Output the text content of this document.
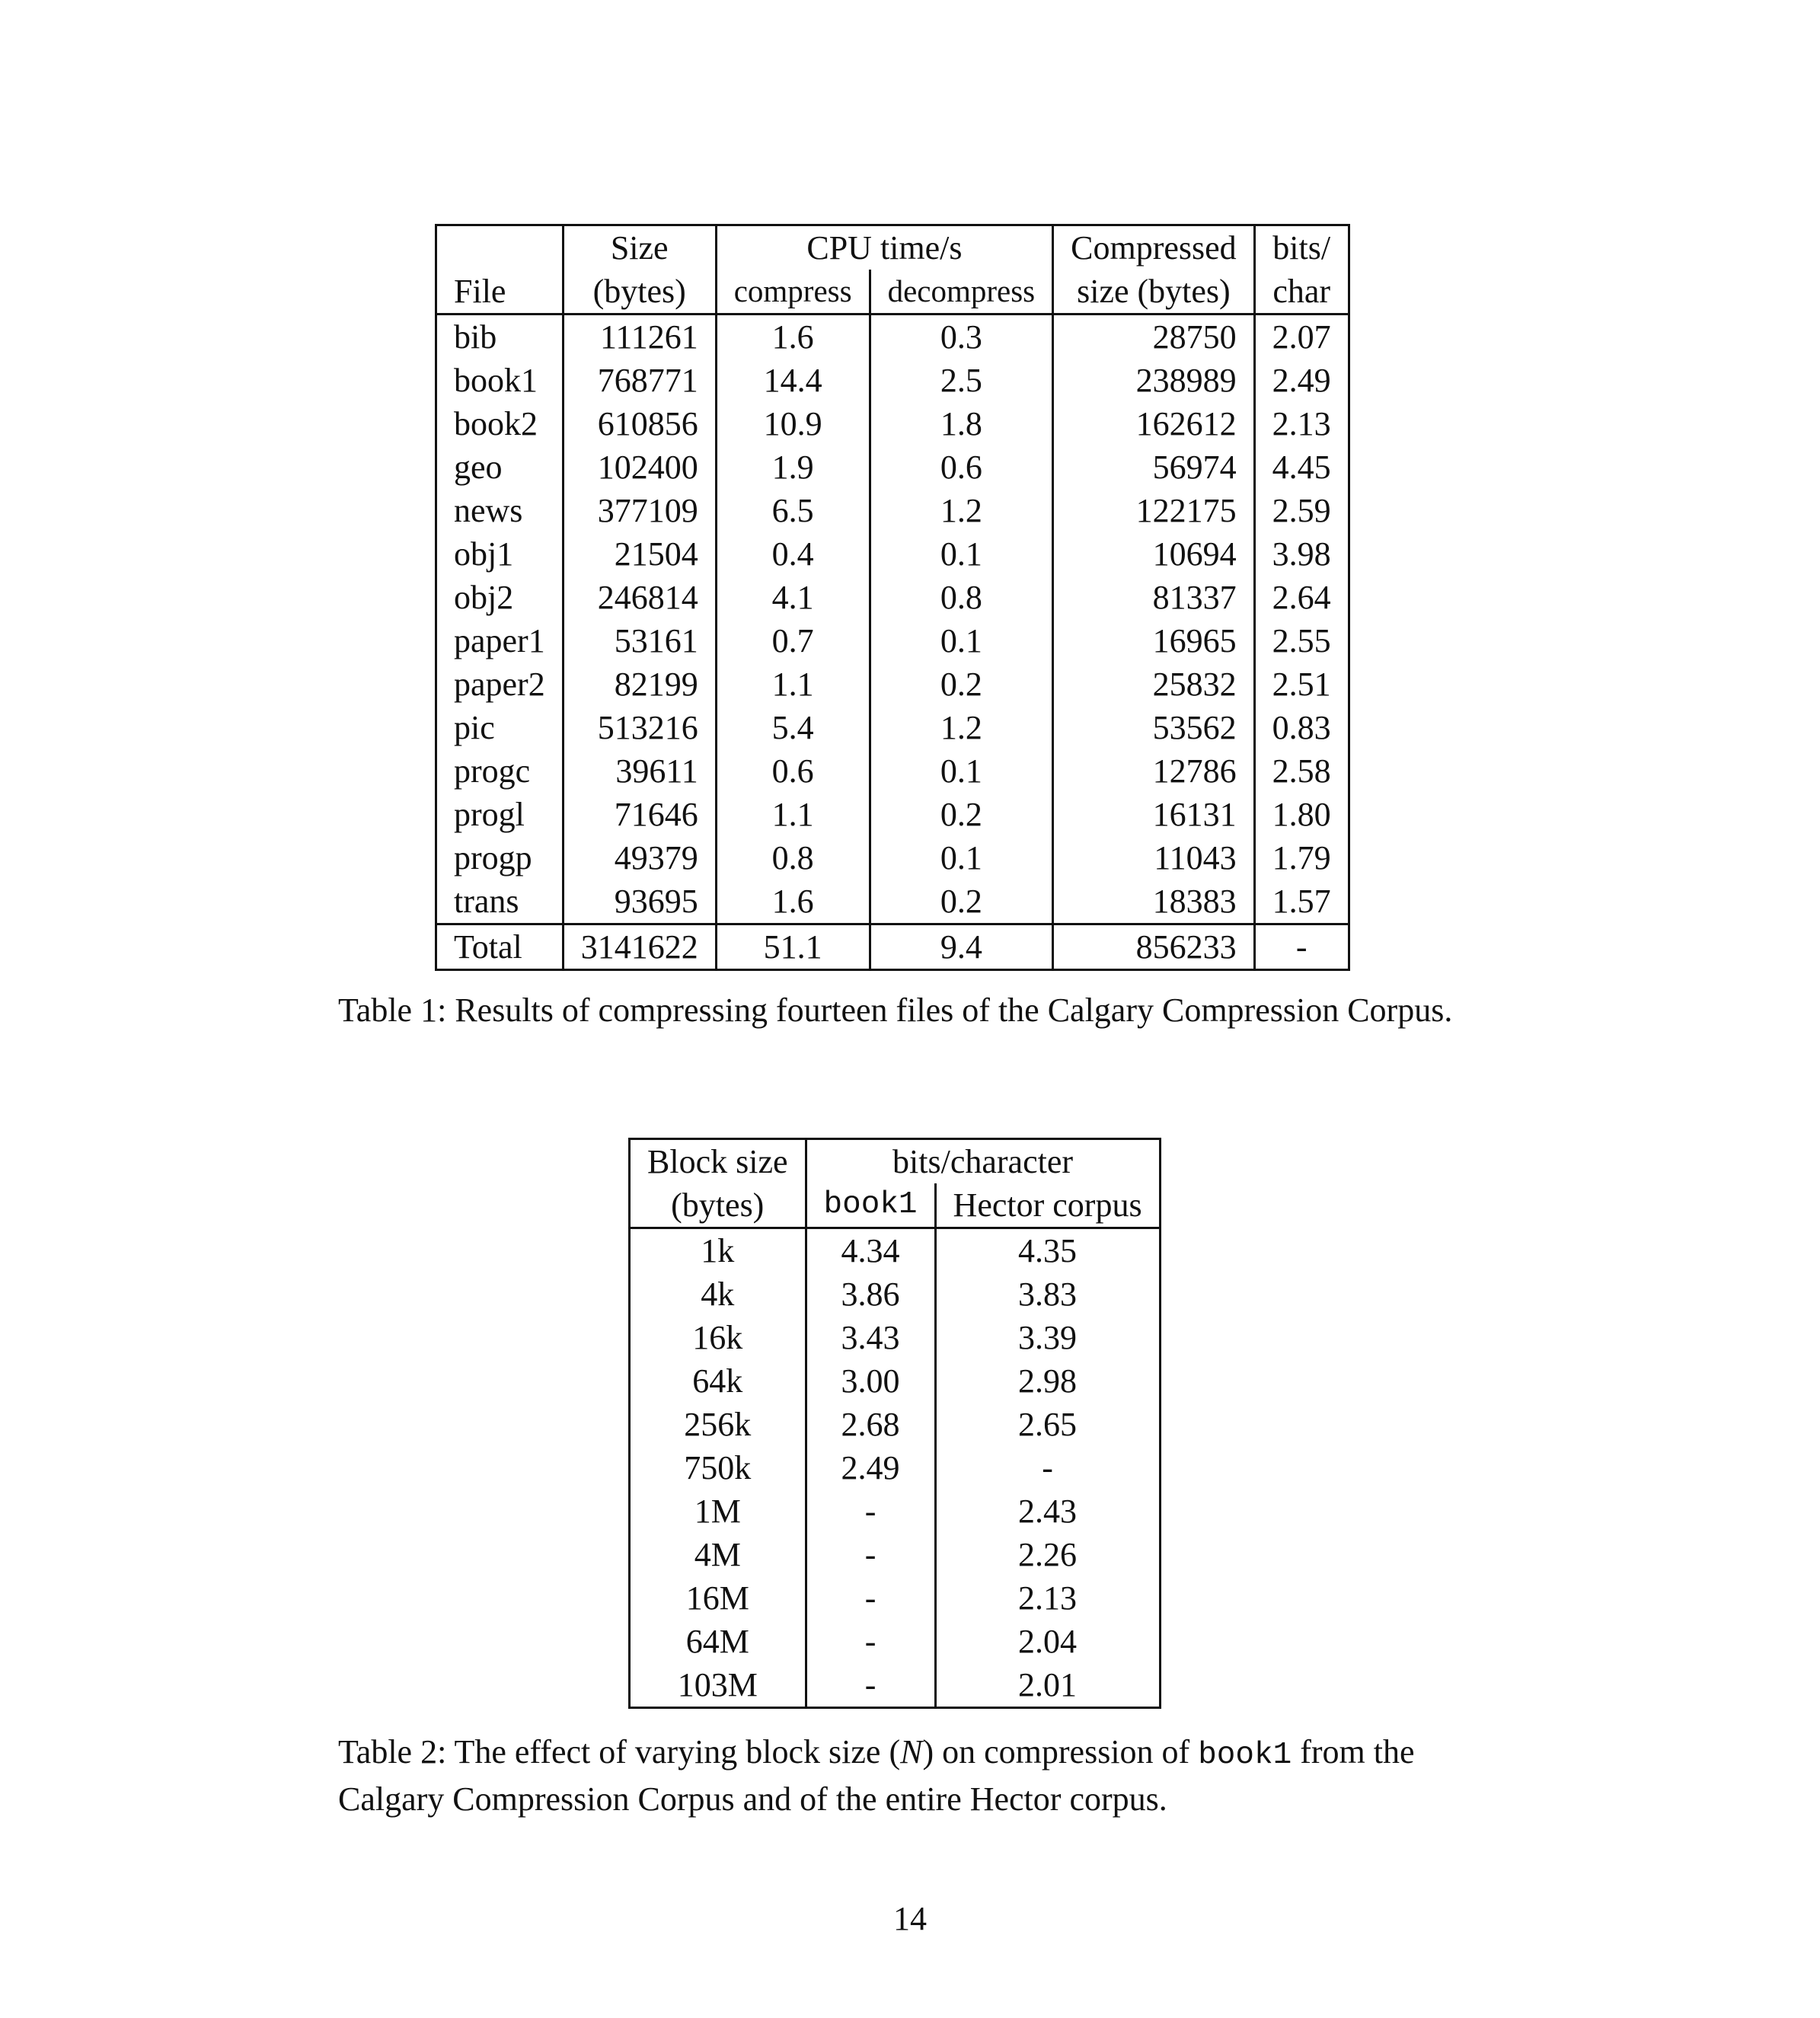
	Size	CPU time/s		Compressed	bits/
File	(bytes)	compress	decompress	size (bytes)	char
bib	111261	1.6	0.3	28750	2.07
book1	768771	14.4	2.5	238989	2.49
book2	610856	10.9	1.8	162612	2.13
geo	102400	1.9	0.6	56974	4.45
news	377109	6.5	1.2	122175	2.59
obj1	21504	0.4	0.1	10694	3.98
obj2	246814	4.1	0.8	81337	2.64
paper1	53161	0.7	0.1	16965	2.55
paper2	82199	1.1	0.2	25832	2.51
pic	513216	5.4	1.2	53562	0.83
progc	39611	0.6	0.1	12786	2.58
progl	71646	1.1	0.2	16131	1.80
progp	49379	0.8	0.1	11043	1.79
trans	93695	1.6	0.2	18383	1.57
Total	3141622	51.1	9.4	856233	-
Table 1: Results of compressing fourteen files of the Calgary Compression Corpus.
Block size	bits/character	
(bytes)	book1	Hector corpus
1k	4.34	4.35
4k	3.86	3.83
16k	3.43	3.39
64k	3.00	2.98
256k	2.68	2.65
750k	2.49	-
1M	-	2.43
4M	-	2.26
16M	-	2.13
64M	-	2.04
103M	-	2.01
Table 2: The effect of varying block size (N) on compression of book1 from the Calgary Compression Corpus and of the entire Hector corpus.
14
